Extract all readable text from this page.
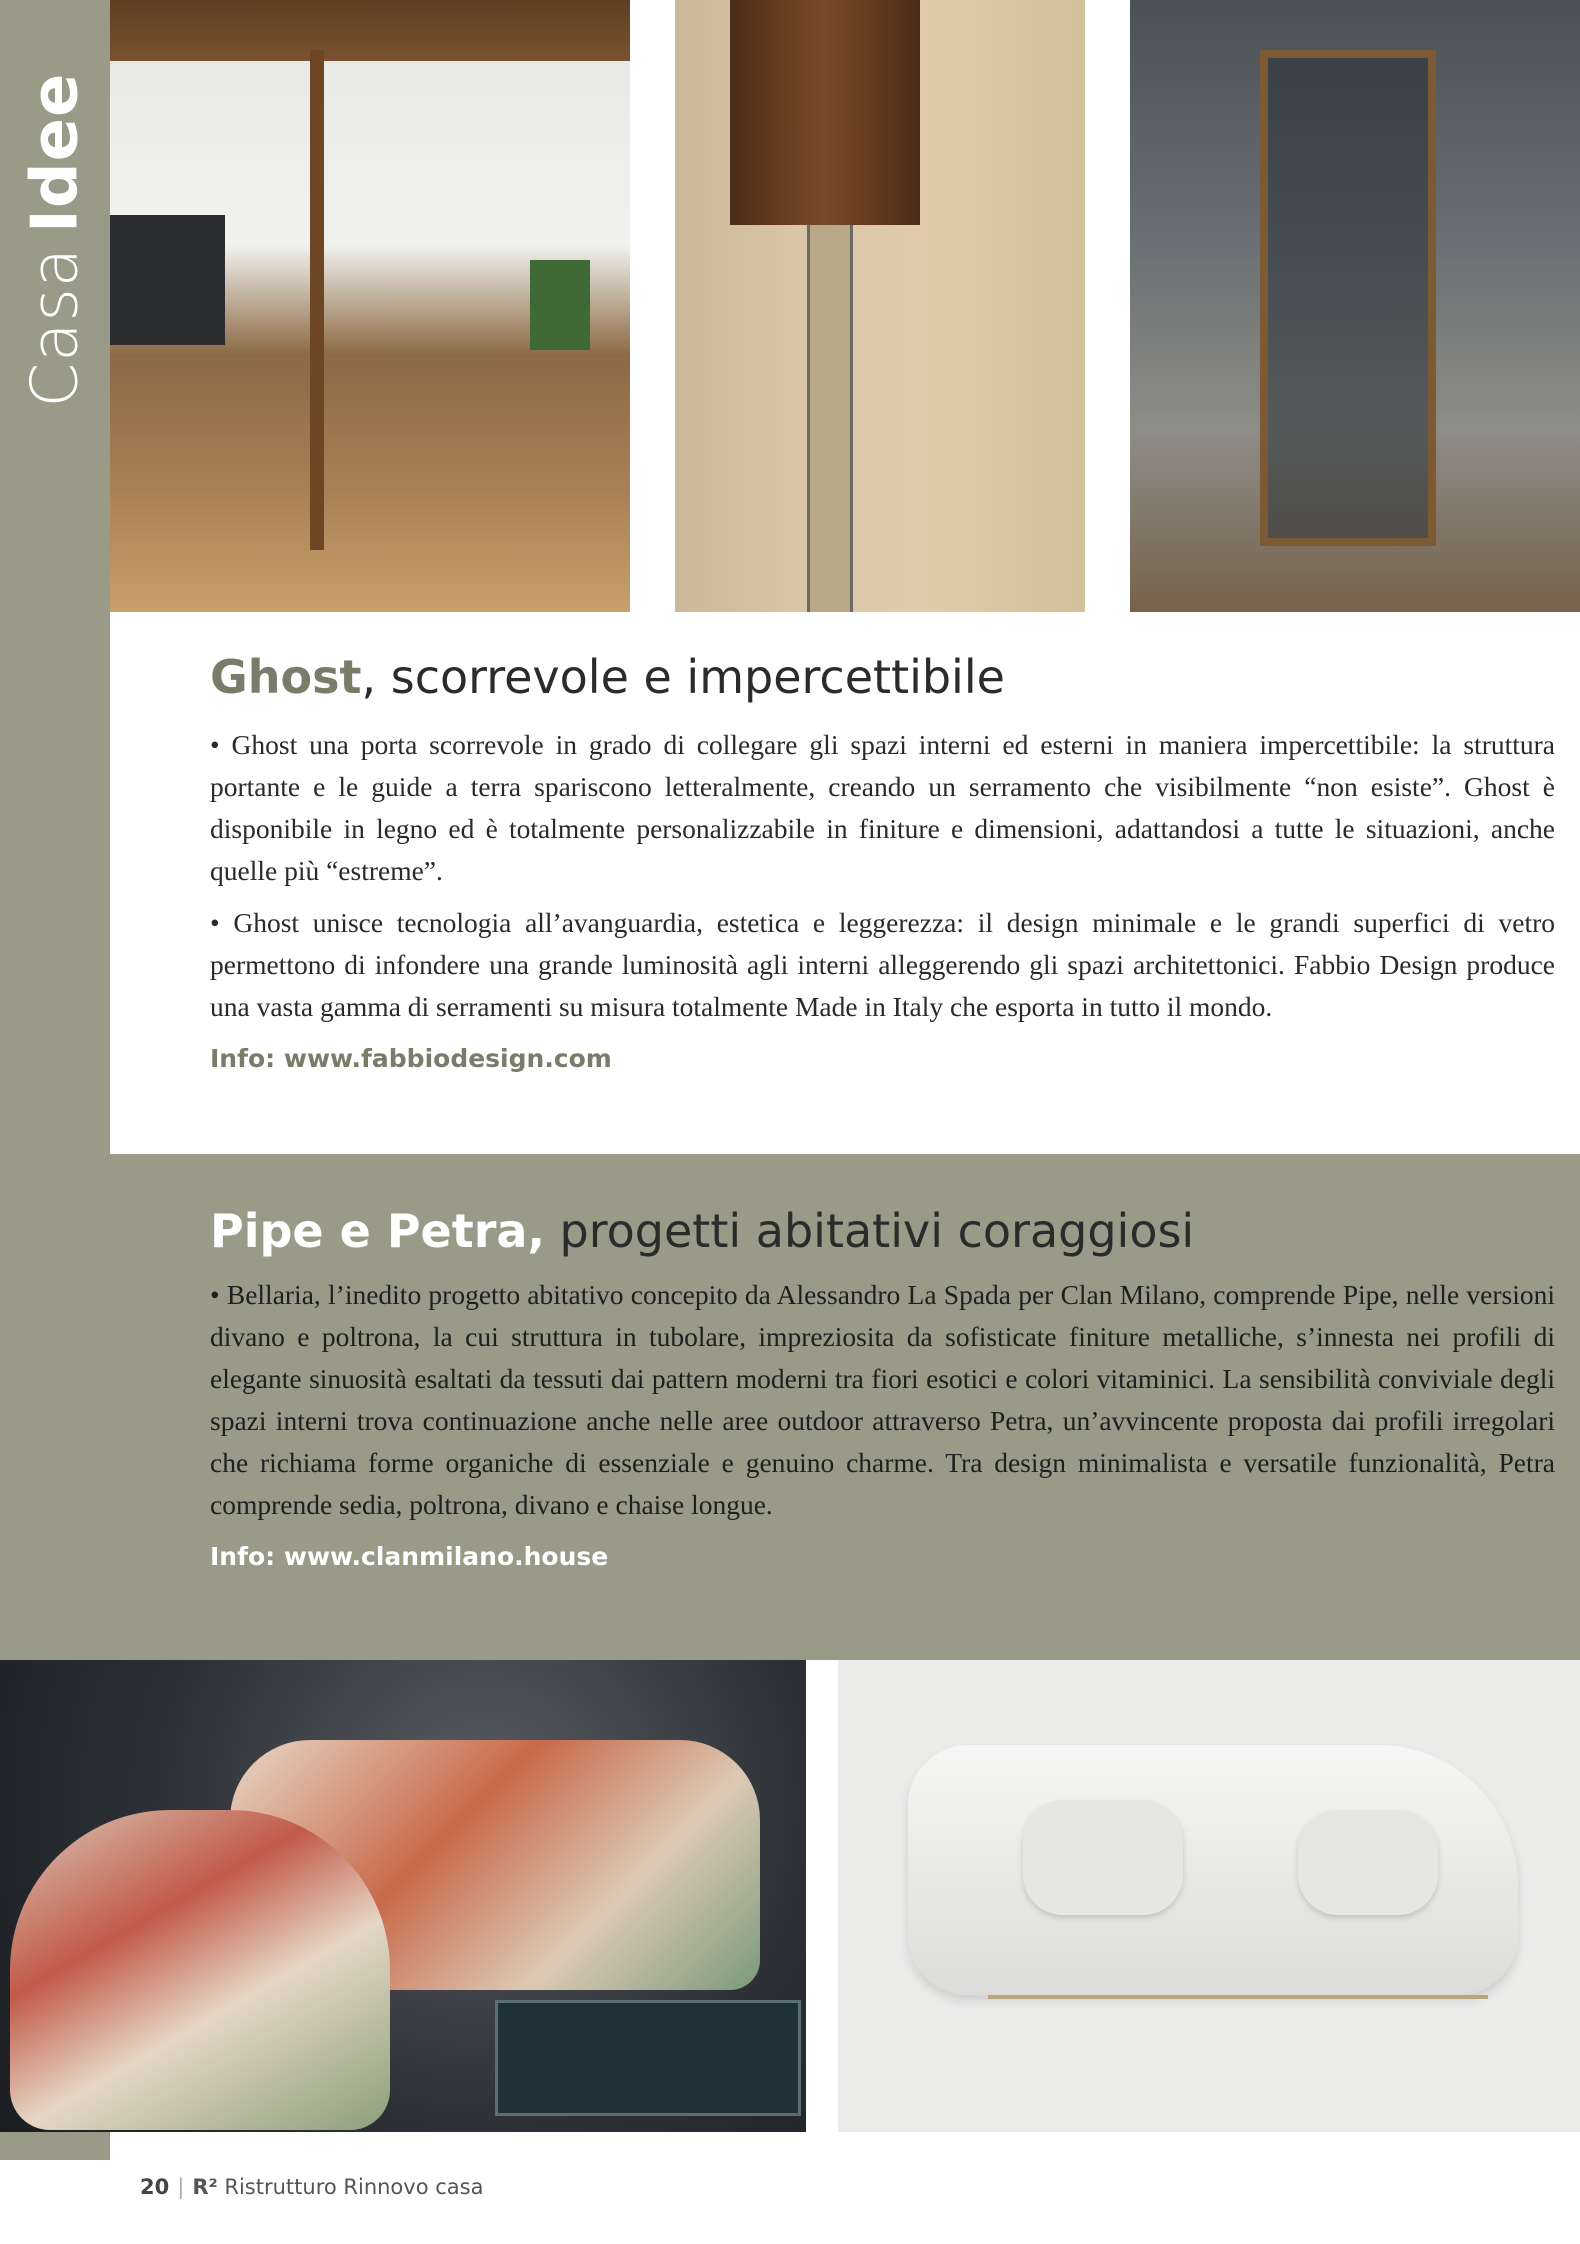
CasaIdee
Ghost, scorrevole e impercettibile

• Ghost una porta scorrevole in grado di collegare gli spazi interni ed esterni in maniera impercettibile: la struttura portante e le guide a terra spariscono letteralmente, creando un serramento che visibilmente “non esiste”. Ghost è disponibile in legno ed è totalmente personalizzabile in finiture e dimensioni, adattandosi a tutte le situazioni, anche quelle più “estreme”.

• Ghost unisce tecnologia all’avanguardia, estetica e leggerezza: il design minimale e le grandi superfici di vetro permettono di infondere una grande luminosità agli interni alleggerendo gli spazi architettonici. Fabbio Design produce una vasta gamma di serramenti su misura totalmente Made in Italy che esporta in tutto il mondo.

Info: www.fabbiodesign.com
Pipe e Petra, progetti abitativi coraggiosi

• Bellaria, l’inedito progetto abitativo concepito da Alessandro La Spada per Clan Milano, comprende Pipe, nelle versioni divano e poltrona, la cui struttura in tubolare, impreziosita da sofisticate finiture metalliche, s’innesta nei profili di elegante sinuosità esaltati da tessuti dai pattern moderni tra fiori esotici e colori vitaminici. La sensibilità conviviale degli spazi interni trova continuazione anche nelle aree outdoor attraverso Petra, un’avvincente proposta dai profili irregolari che richiama forme organiche di essenziale e genuino charme. Tra design minimalista e versatile funzionalità, Petra comprende sedia, poltrona, divano e chaise longue.

Info: www.clanmilano.house
20 | R² Ristrutturo Rinnovo casa
